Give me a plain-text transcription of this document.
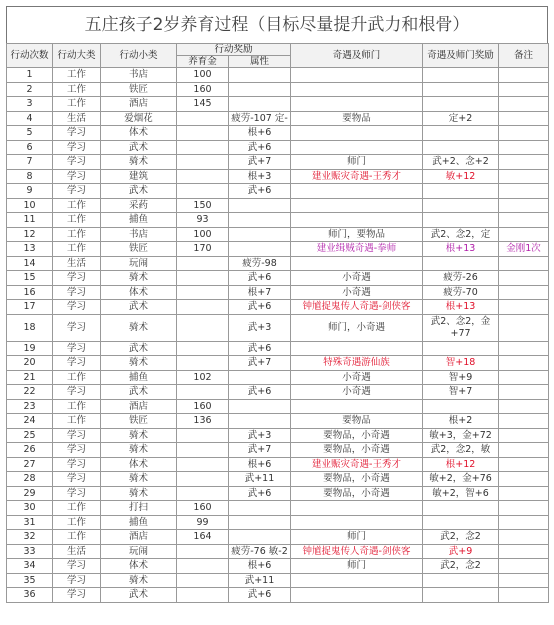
五庄孩子2岁养育过程（目标尽量提升武力和根骨）
行动次数	行动大类	行动小类	行动奖励		奇遇及师门	奇遇及师门奖励	备注
			养育金	属性			
1	工作	书店	100				
2	工作	铁匠	160				
3	工作	酒店	145				
4	生活	爱烟花		疲劳-107 定-	要物品	定+2	
5	学习	体术		根+6			
6	学习	武术		武+6			
7	学习	骑术		武+7	师门	武+2、念+2	
8	学习	建筑		根+3	建业赈灾奇遇-王秀才	敏+12	
9	学习	武术		武+6			
10	工作	采药	150				
11	工作	捕鱼	93				
12	工作	书店	100		师门，要物品	武2、念2，定	
13	工作	铁匠	170		建业缉贼奇遇-拳师	根+13	金刚1次
14	生活	玩闹		疲劳-98			
15	学习	骑术		武+6	小奇遇	疲劳-26	
16	学习	体术		根+7	小奇遇	疲劳-70	
17	学习	武术		武+6	钟馗捉鬼传人奇遇-剑侠客	根+13	
18	学习	骑术		武+3	师门，小奇遇	武2、念2，金+77	
19	学习	武术		武+6			
20	学习	骑术		武+7	特殊奇遇游仙族	智+18	
21	工作	捕鱼	102		小奇遇	智+9	
22	学习	武术		武+6	小奇遇	智+7	
23	工作	酒店	160				
24	工作	铁匠	136		要物品	根+2	
25	学习	骑术		武+3	要物品，小奇遇	敏+3，金+72	
26	学习	骑术		武+7	要物品，小奇遇	武2，念2，敏	
27	学习	体术		根+6	建业赈灾奇遇-王秀才	根+12	
28	学习	骑术		武+11	要物品，小奇遇	敏+2，金+76	
29	学习	骑术		武+6	要物品，小奇遇	敏+2，智+6	
30	工作	打扫	160				
31	工作	捕鱼	99				
32	工作	酒店	164		师门	武2，念2	
33	生活	玩闹		疲劳-76 敏-2	钟馗捉鬼传人奇遇-剑侠客	武+9	
34	学习	体术		根+6	师门	武2，念2	
35	学习	骑术		武+11			
36	学习	武术		武+6			
